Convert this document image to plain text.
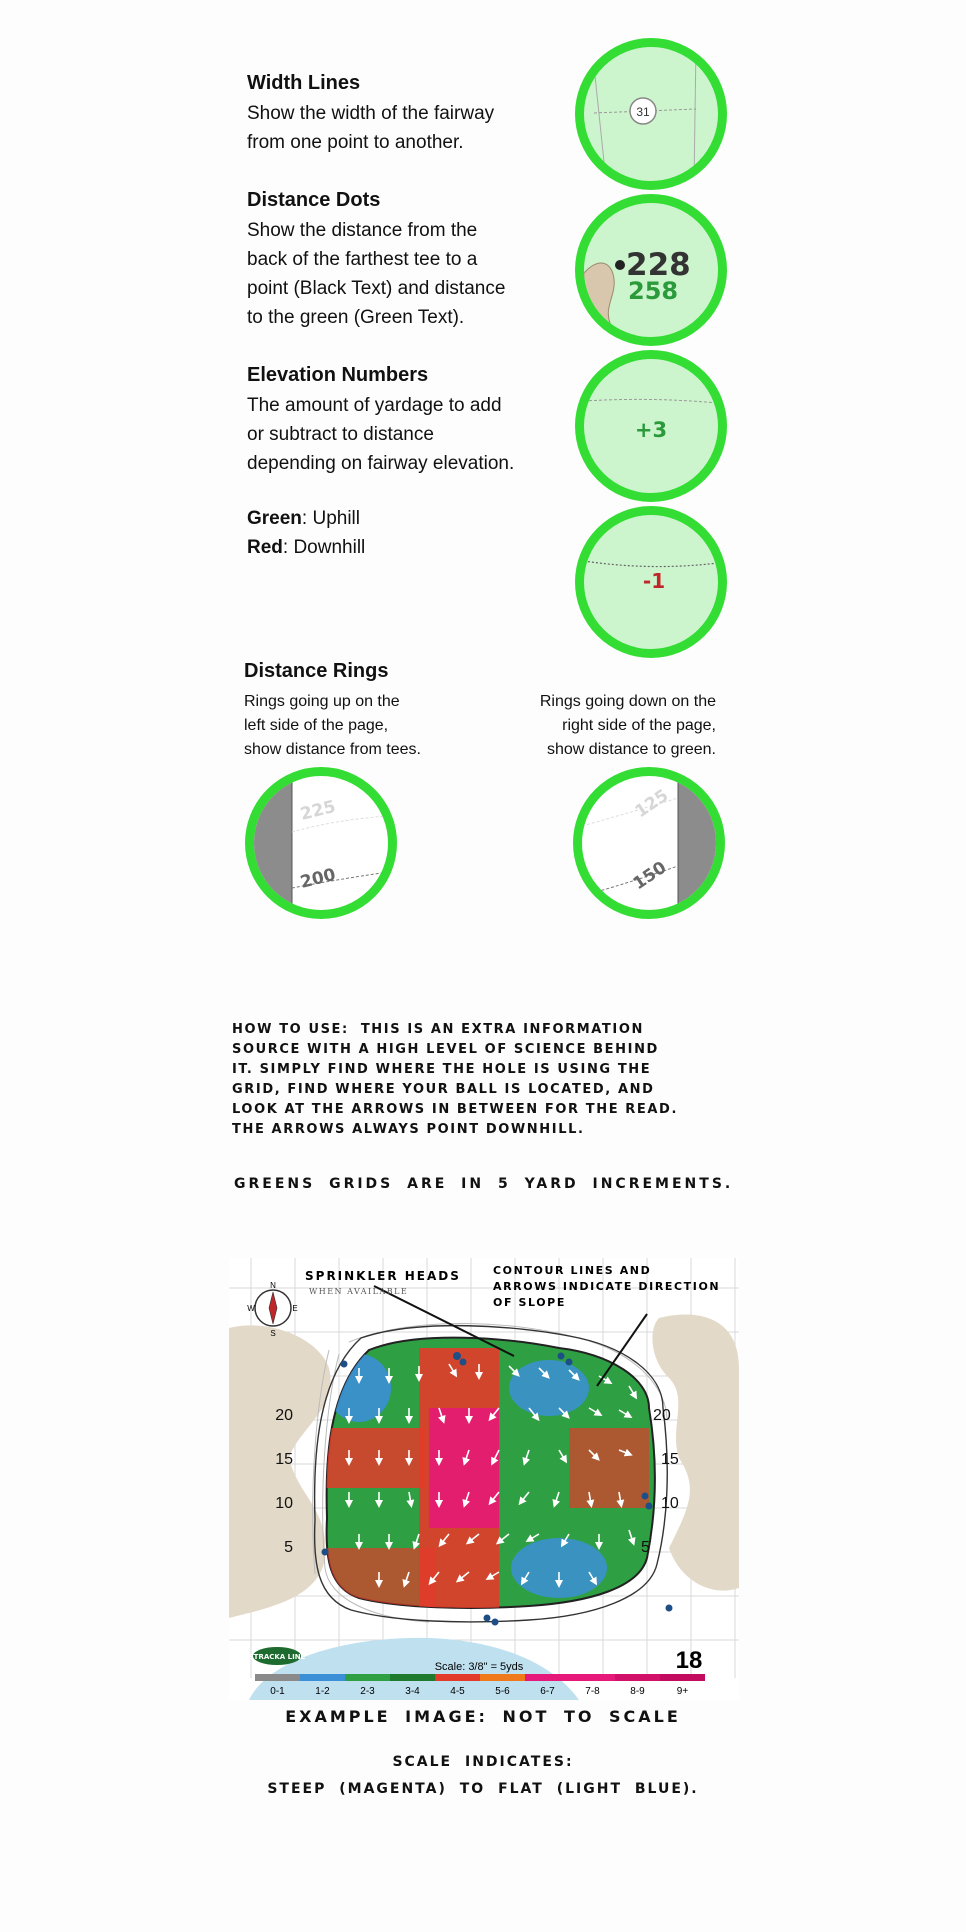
Width Lines
Show the width of the fairway
from one point to another.
31
Distance Dots
Show the distance from the
back of the farthest tee to a
point (Black Text) and distance
to the green (Green Text).
228
258
Elevation Numbers
The amount of yardage to add
or subtract to distance
depending on fairway elevation.
+3
Green: Uphill
Red: Downhill
-1
Distance Rings
Rings going up on the
left side of the page,
show distance from tees.
Rings going down on the
right side of the page,
show distance to green.
225
200
125
150
HOW TO USE: THIS IS AN EXTRA INFORMATION
SOURCE WITH A HIGH LEVEL OF SCIENCE BEHIND
IT. SIMPLY FIND WHERE THE HOLE IS USING THE
GRID, FIND WHERE YOUR BALL IS LOCATED, AND
LOOK AT THE ARROWS IN BETWEEN FOR THE READ.
THE ARROWS ALWAYS POINT DOWNHILL.
GREENS GRIDS ARE IN 5 YARD INCREMENTS.
N
S
E
W
SPRINKLER HEADS
WHEN AVAILABLE
CONTOUR LINES AND
ARROWS INDICATE DIRECTION
OF SLOPE
20
15
10
5
20
15
10
5
STRACKA LINE
Scale: 3/8" = 5yds	18
0-1	1-2	2-3	3-4	4-5	5-6	6-7	7-8	8-9	9+
EXAMPLE IMAGE: NOT TO SCALE
SCALE INDICATES:
STEEP (MAGENTA) TO FLAT (LIGHT BLUE).
